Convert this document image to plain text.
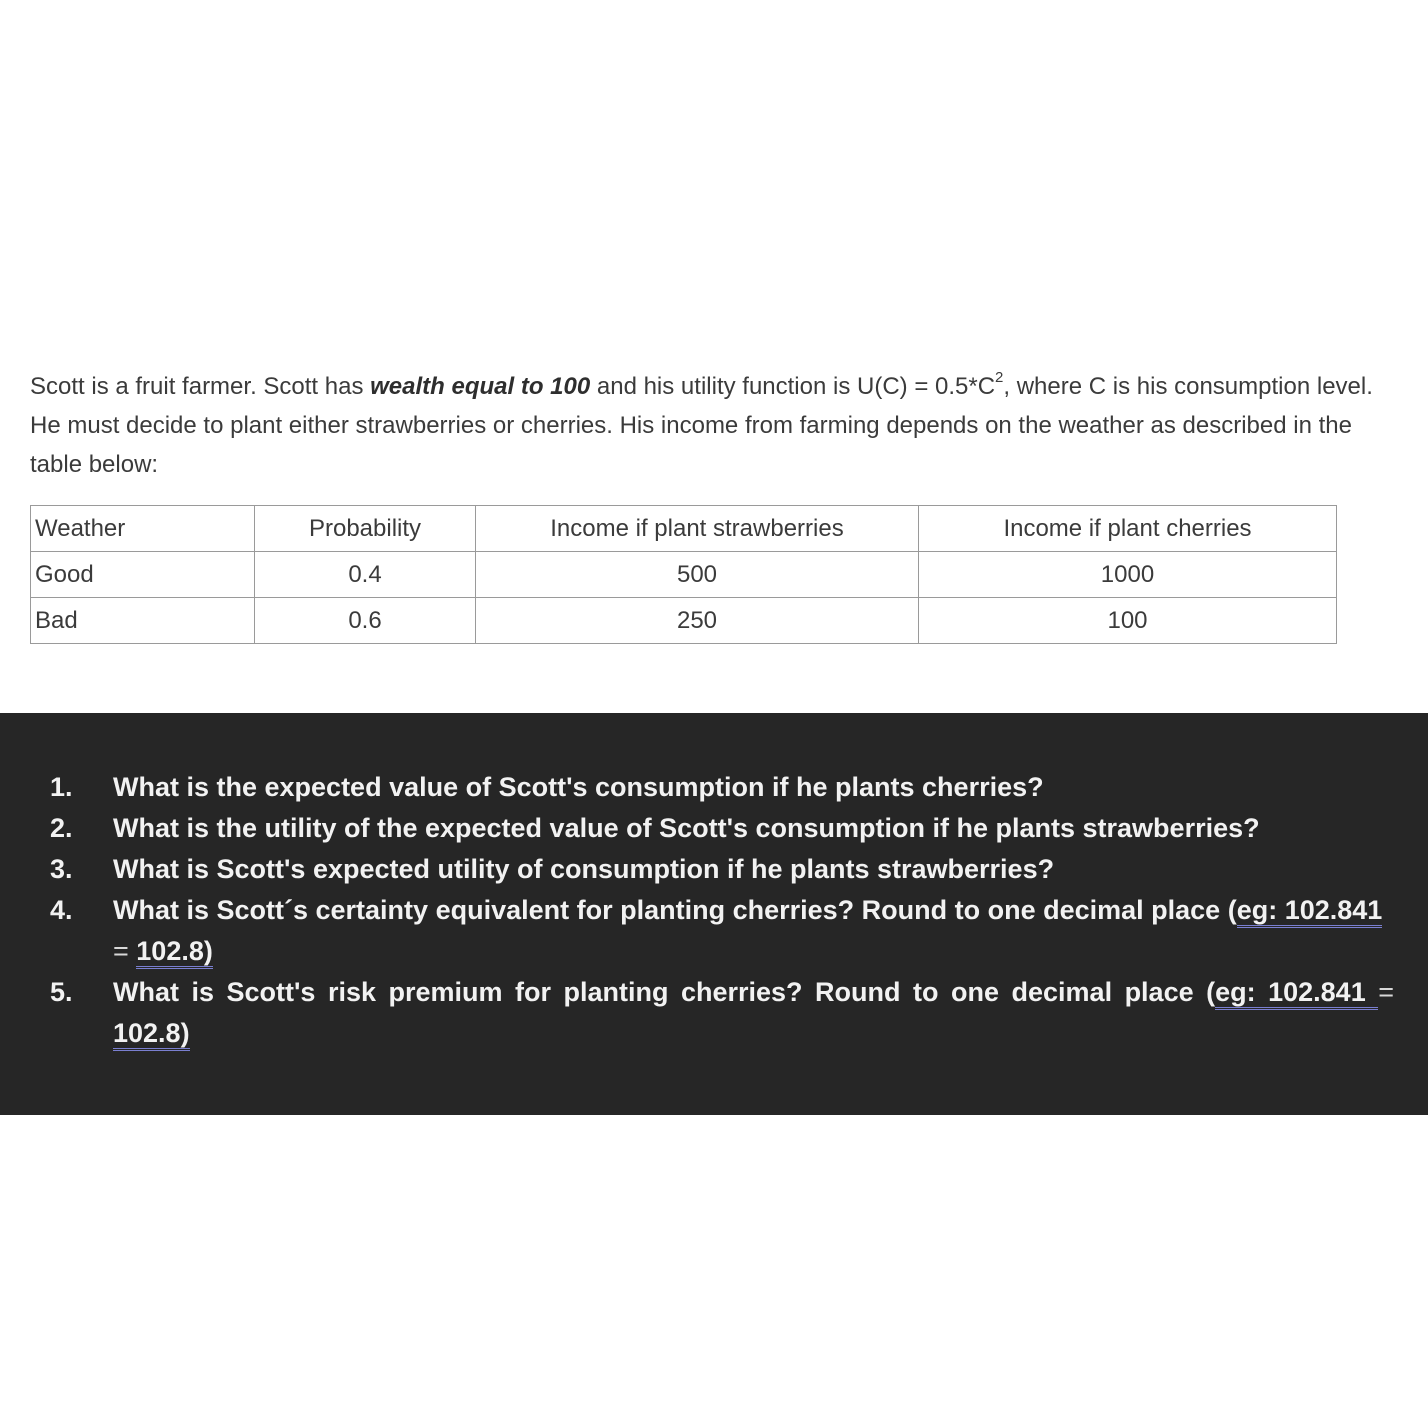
Scott is a fruit farmer. Scott has wealth equal to 100 and his utility function is $U(C) = 0.5*C^2$, where C is his consumption level. He must decide to plant either strawberries or cherries. His income from farming depends on the weather as described in the table below:
Weather	Probability	Income if plant strawberries	Income if plant cherries
Good	0.4	500	1000
Bad	0.6	250	100
1.	What is the expected value of Scott's consumption if he plants cherries?
2.	What is the utility of the expected value of Scott's consumption if he plants strawberries?
3.	What is Scott's expected utility of consumption if he plants strawberries?
4.	What is Scott´s certainty equivalent for planting cherries? Round to one decimal place (eg: 102.841 = 102.8)
5.	What is Scott's risk premium for planting cherries? Round to one decimal place (eg: 102.841 = 102.8)
